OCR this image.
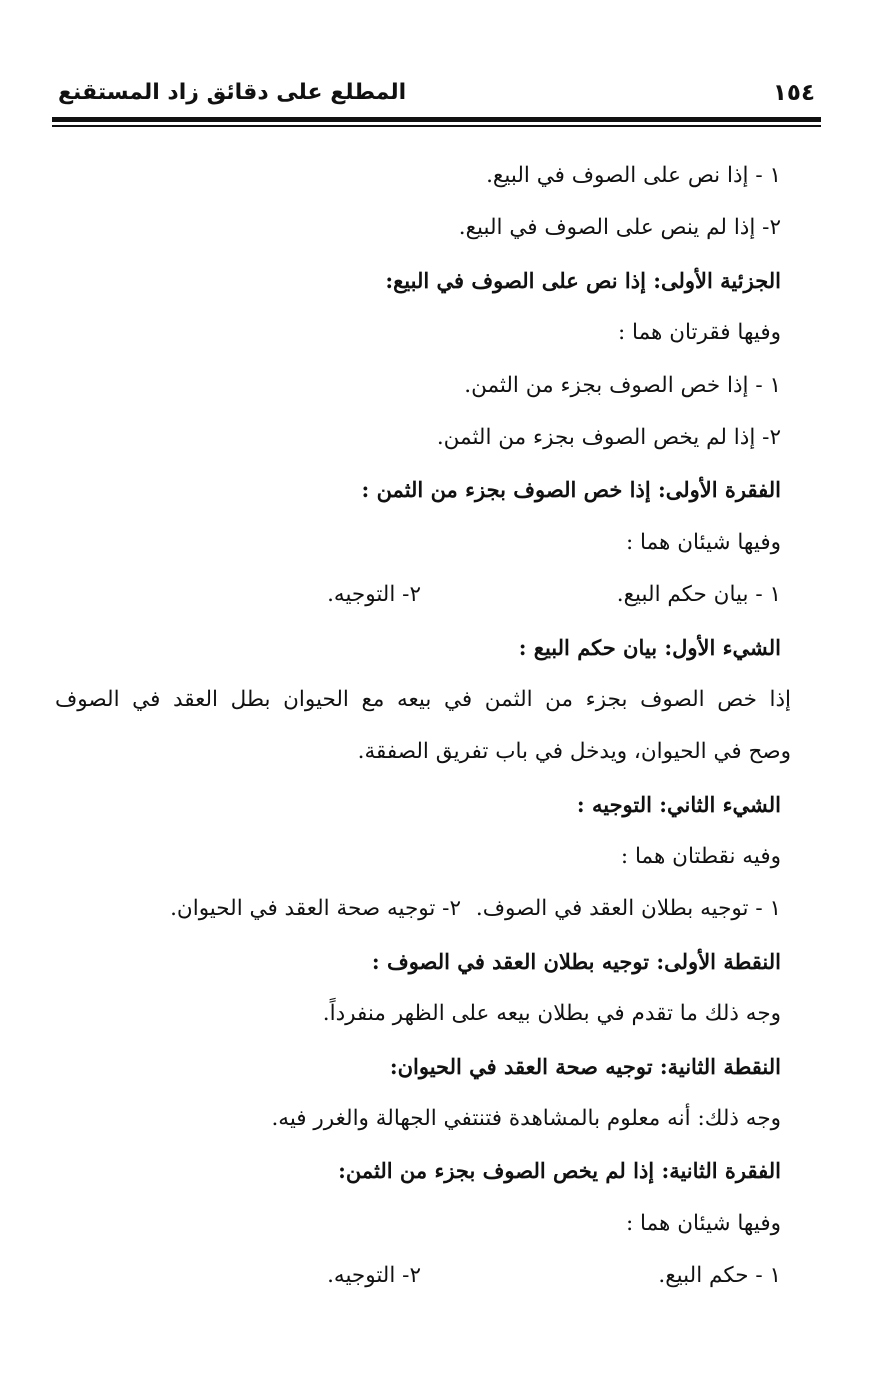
١٥٤
المطلع على دقائق زاد المستقنع
١ - إذا نص على الصوف في البيع.
٢- إذا لم ينص على الصوف في البيع.
الجزئية الأولى: إذا نص على الصوف في البيع:
وفيها فقرتان هما :
١ - إذا خص الصوف بجزء من الثمن.
٢- إذا لم يخص الصوف بجزء من الثمن.
الفقرة الأولى: إذا خص الصوف بجزء من الثمن :
وفيها شيئان هما :
١ - بيان حكم البيع.
٢- التوجيه.
الشيء الأول: بيان حكم البيع :
إذا خص الصوف بجزء من الثمن في بيعه مع الحيوان بطل العقد في الصوف
وصح في الحيوان، ويدخل في باب تفريق الصفقة.
الشيء الثاني: التوجيه :
وفيه نقطتان هما :
١ - توجيه بطلان العقد في الصوف.
٢- توجيه صحة العقد في الحيوان.
النقطة الأولى: توجيه بطلان العقد في الصوف :
وجه ذلك ما تقدم في بطلان بيعه على الظهر منفرداً.
النقطة الثانية: توجيه صحة العقد في الحيوان:
وجه ذلك: أنه معلوم بالمشاهدة فتنتفي الجهالة والغرر فيه.
الفقرة الثانية: إذا لم يخص الصوف بجزء من الثمن:
وفيها شيئان هما :
١ - حكم البيع.
٢- التوجيه.
